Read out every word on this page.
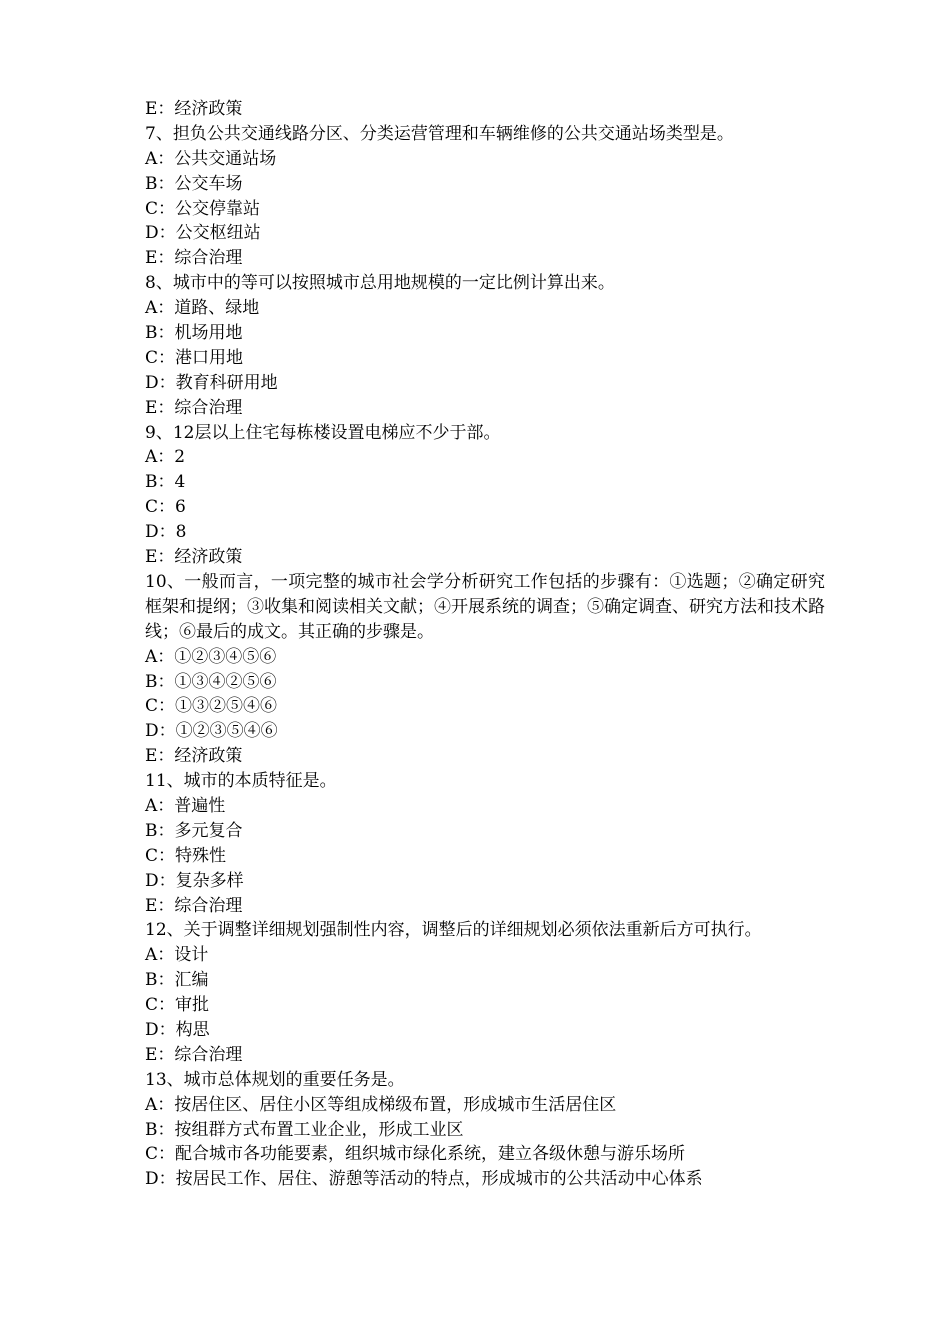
E：经济政策
7、担负公共交通线路分区、分类运营管理和车辆维修的公共交通站场类型是。
A：公共交通站场
B：公交车场
C：公交停靠站
D：公交枢纽站
E：综合治理
8、城市中的等可以按照城市总用地规模的一定比例计算出来。
A：道路、绿地
B：机场用地
C：港口用地
D：教育科研用地
E：综合治理
9、12层以上住宅每栋楼设置电梯应不少于部。
A：2
B：4
C：6
D：8
E：经济政策
10、一般而言，一项完整的城市社会学分析研究工作包括的步骤有：①选题；②确定研究框架和提纲；③收集和阅读相关文献；④开展系统的调查；⑤确定调查、研究方法和技术路线；⑥最后的成文。其正确的步骤是。
A：①②③④⑤⑥
B：①③④②⑤⑥
C：①③②⑤④⑥
D：①②③⑤④⑥
E：经济政策
11、城市的本质特征是。
A：普遍性
B：多元复合
C：特殊性
D：复杂多样
E：综合治理
12、关于调整详细规划强制性内容，调整后的详细规划必须依法重新后方可执行。
A：设计
B：汇编
C：审批
D：构思
E：综合治理
13、城市总体规划的重要任务是。
A：按居住区、居住小区等组成梯级布置，形成城市生活居住区
B：按组群方式布置工业企业，形成工业区
C：配合城市各功能要素，组织城市绿化系统，建立各级休憩与游乐场所
D：按居民工作、居住、游憩等活动的特点，形成城市的公共活动中心体系
